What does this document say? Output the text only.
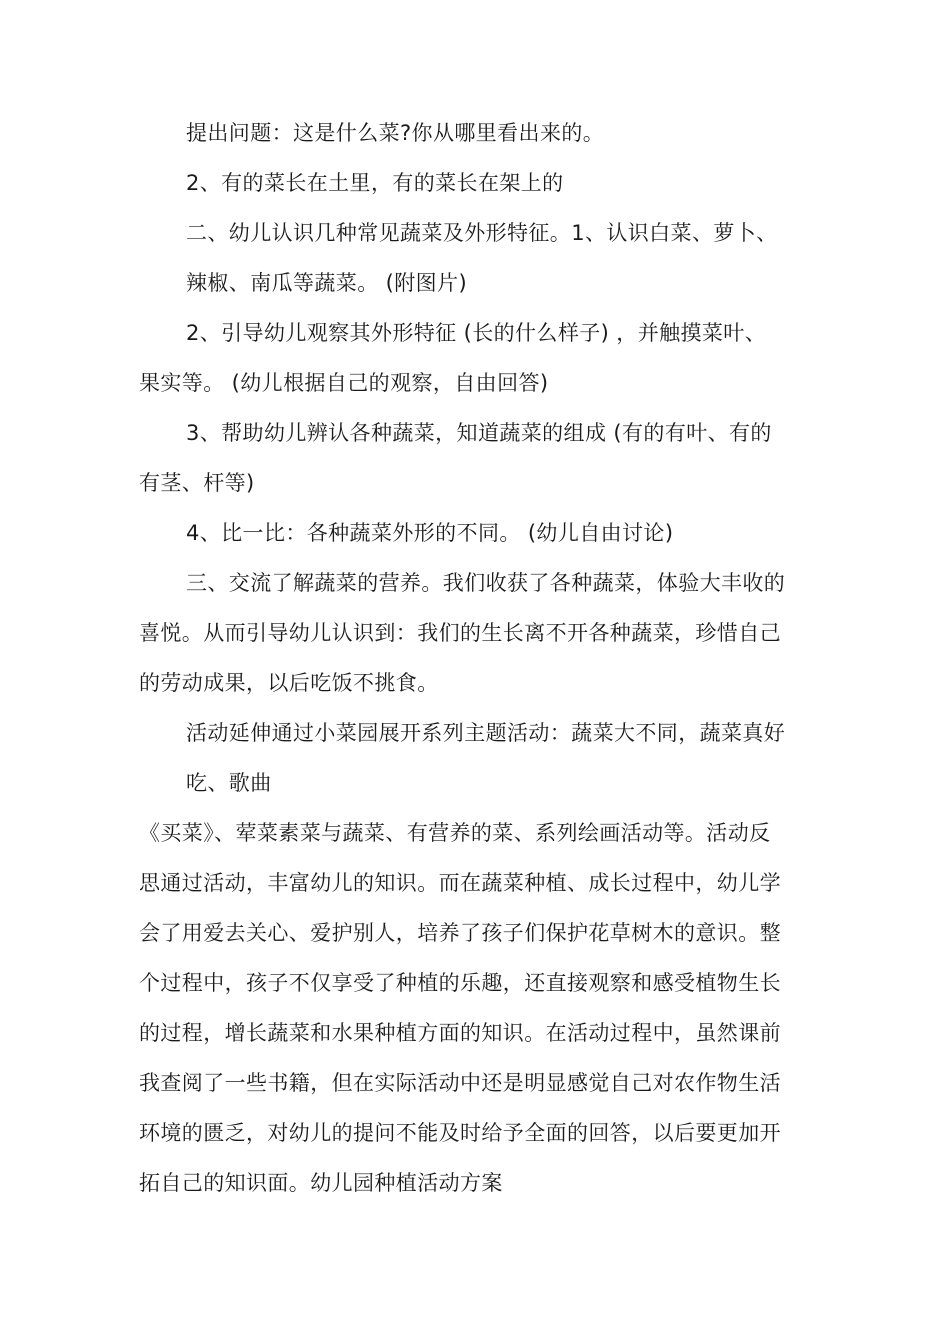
提出问题：这是什么菜?你从哪里看出来的。
2、有的菜长在土里，有的菜长在架上的
二、幼儿认识几种常见蔬菜及外形特征。1、认识白菜、萝卜、
辣椒、南瓜等蔬菜。 (附图片)
2、引导幼儿观察其外形特征 (长的什么样子) ，并触摸菜叶、
果实等。 (幼儿根据自己的观察，自由回答)
3、帮助幼儿辨认各种蔬菜，知道蔬菜的组成 (有的有叶、有的
有茎、杆等)
4、比一比：各种蔬菜外形的不同。 (幼儿自由讨论)
三、交流了解蔬菜的营养。我们收获了各种蔬菜，体验大丰收的
喜悦。从而引导幼儿认识到：我们的生长离不开各种蔬菜，珍惜自己
的劳动成果，以后吃饭不挑食。
活动延伸通过小菜园展开系列主题活动：蔬菜大不同，蔬菜真好
吃、歌曲
《买菜》、荤菜素菜与蔬菜、有营养的菜、系列绘画活动等。活动反
思通过活动，丰富幼儿的知识。而在蔬菜种植、成长过程中，幼儿学
会了用爱去关心、爱护别人，培养了孩子们保护花草树木的意识。整
个过程中，孩子不仅享受了种植的乐趣，还直接观察和感受植物生长
的过程，增长蔬菜和水果种植方面的知识。在活动过程中，虽然课前
我查阅了一些书籍，但在实际活动中还是明显感觉自己对农作物生活
环境的匮乏，对幼儿的提问不能及时给予全面的回答，以后要更加开
拓自己的知识面。幼儿园种植活动方案
